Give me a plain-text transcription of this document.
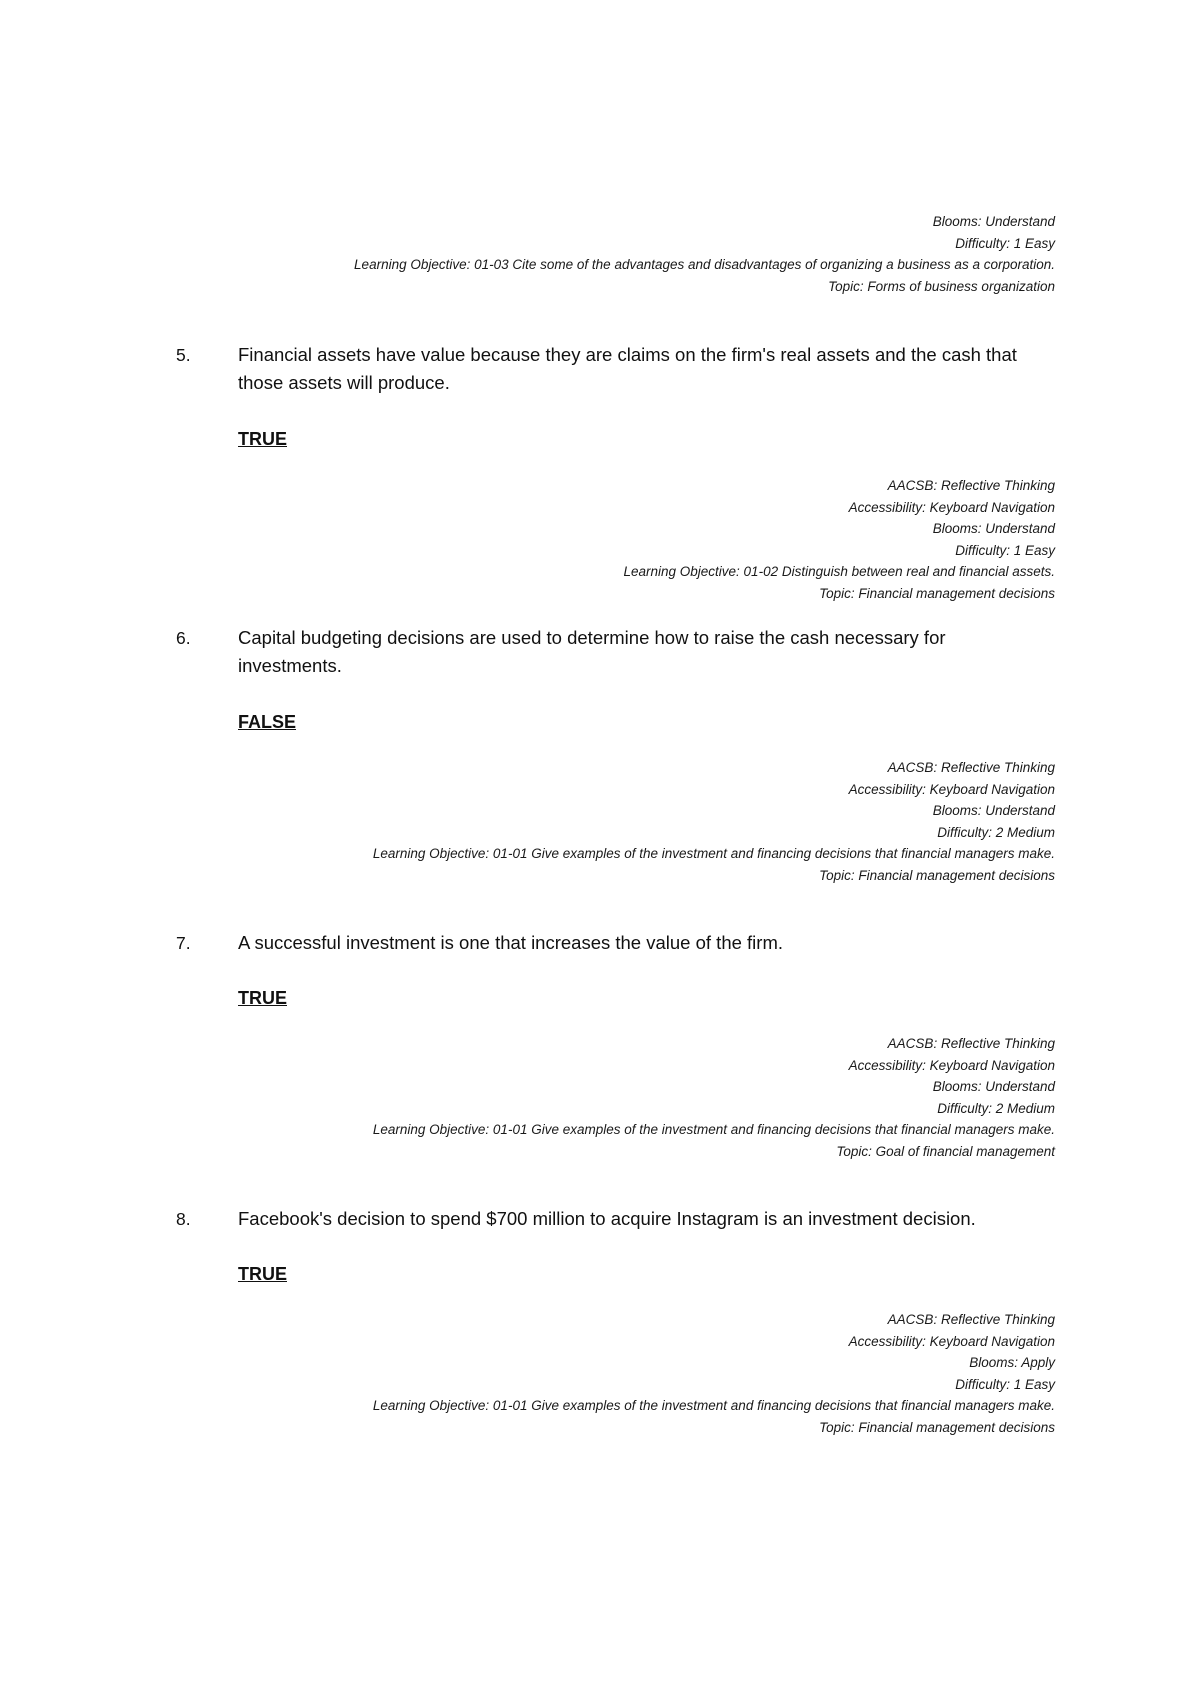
Blooms: Understand
Difficulty: 1 Easy
Learning Objective: 01-03 Cite some of the advantages and disadvantages of organizing a business as a corporation.
Topic: Forms of business organization
5.	Financial assets have value because they are claims on the firm's real assets and the cash that those assets will produce.
TRUE
AACSB: Reflective Thinking
Accessibility: Keyboard Navigation
Blooms: Understand
Difficulty: 1 Easy
Learning Objective: 01-02 Distinguish between real and financial assets.
Topic: Financial management decisions
6.	Capital budgeting decisions are used to determine how to raise the cash necessary for investments.
FALSE
AACSB: Reflective Thinking
Accessibility: Keyboard Navigation
Blooms: Understand
Difficulty: 2 Medium
Learning Objective: 01-01 Give examples of the investment and financing decisions that financial managers make.
Topic: Financial management decisions
7.	A successful investment is one that increases the value of the firm.
TRUE
AACSB: Reflective Thinking
Accessibility: Keyboard Navigation
Blooms: Understand
Difficulty: 2 Medium
Learning Objective: 01-01 Give examples of the investment and financing decisions that financial managers make.
Topic: Goal of financial management
8.	Facebook's decision to spend $700 million to acquire Instagram is an investment decision.
TRUE
AACSB: Reflective Thinking
Accessibility: Keyboard Navigation
Blooms: Apply
Difficulty: 1 Easy
Learning Objective: 01-01 Give examples of the investment and financing decisions that financial managers make.
Topic: Financial management decisions
